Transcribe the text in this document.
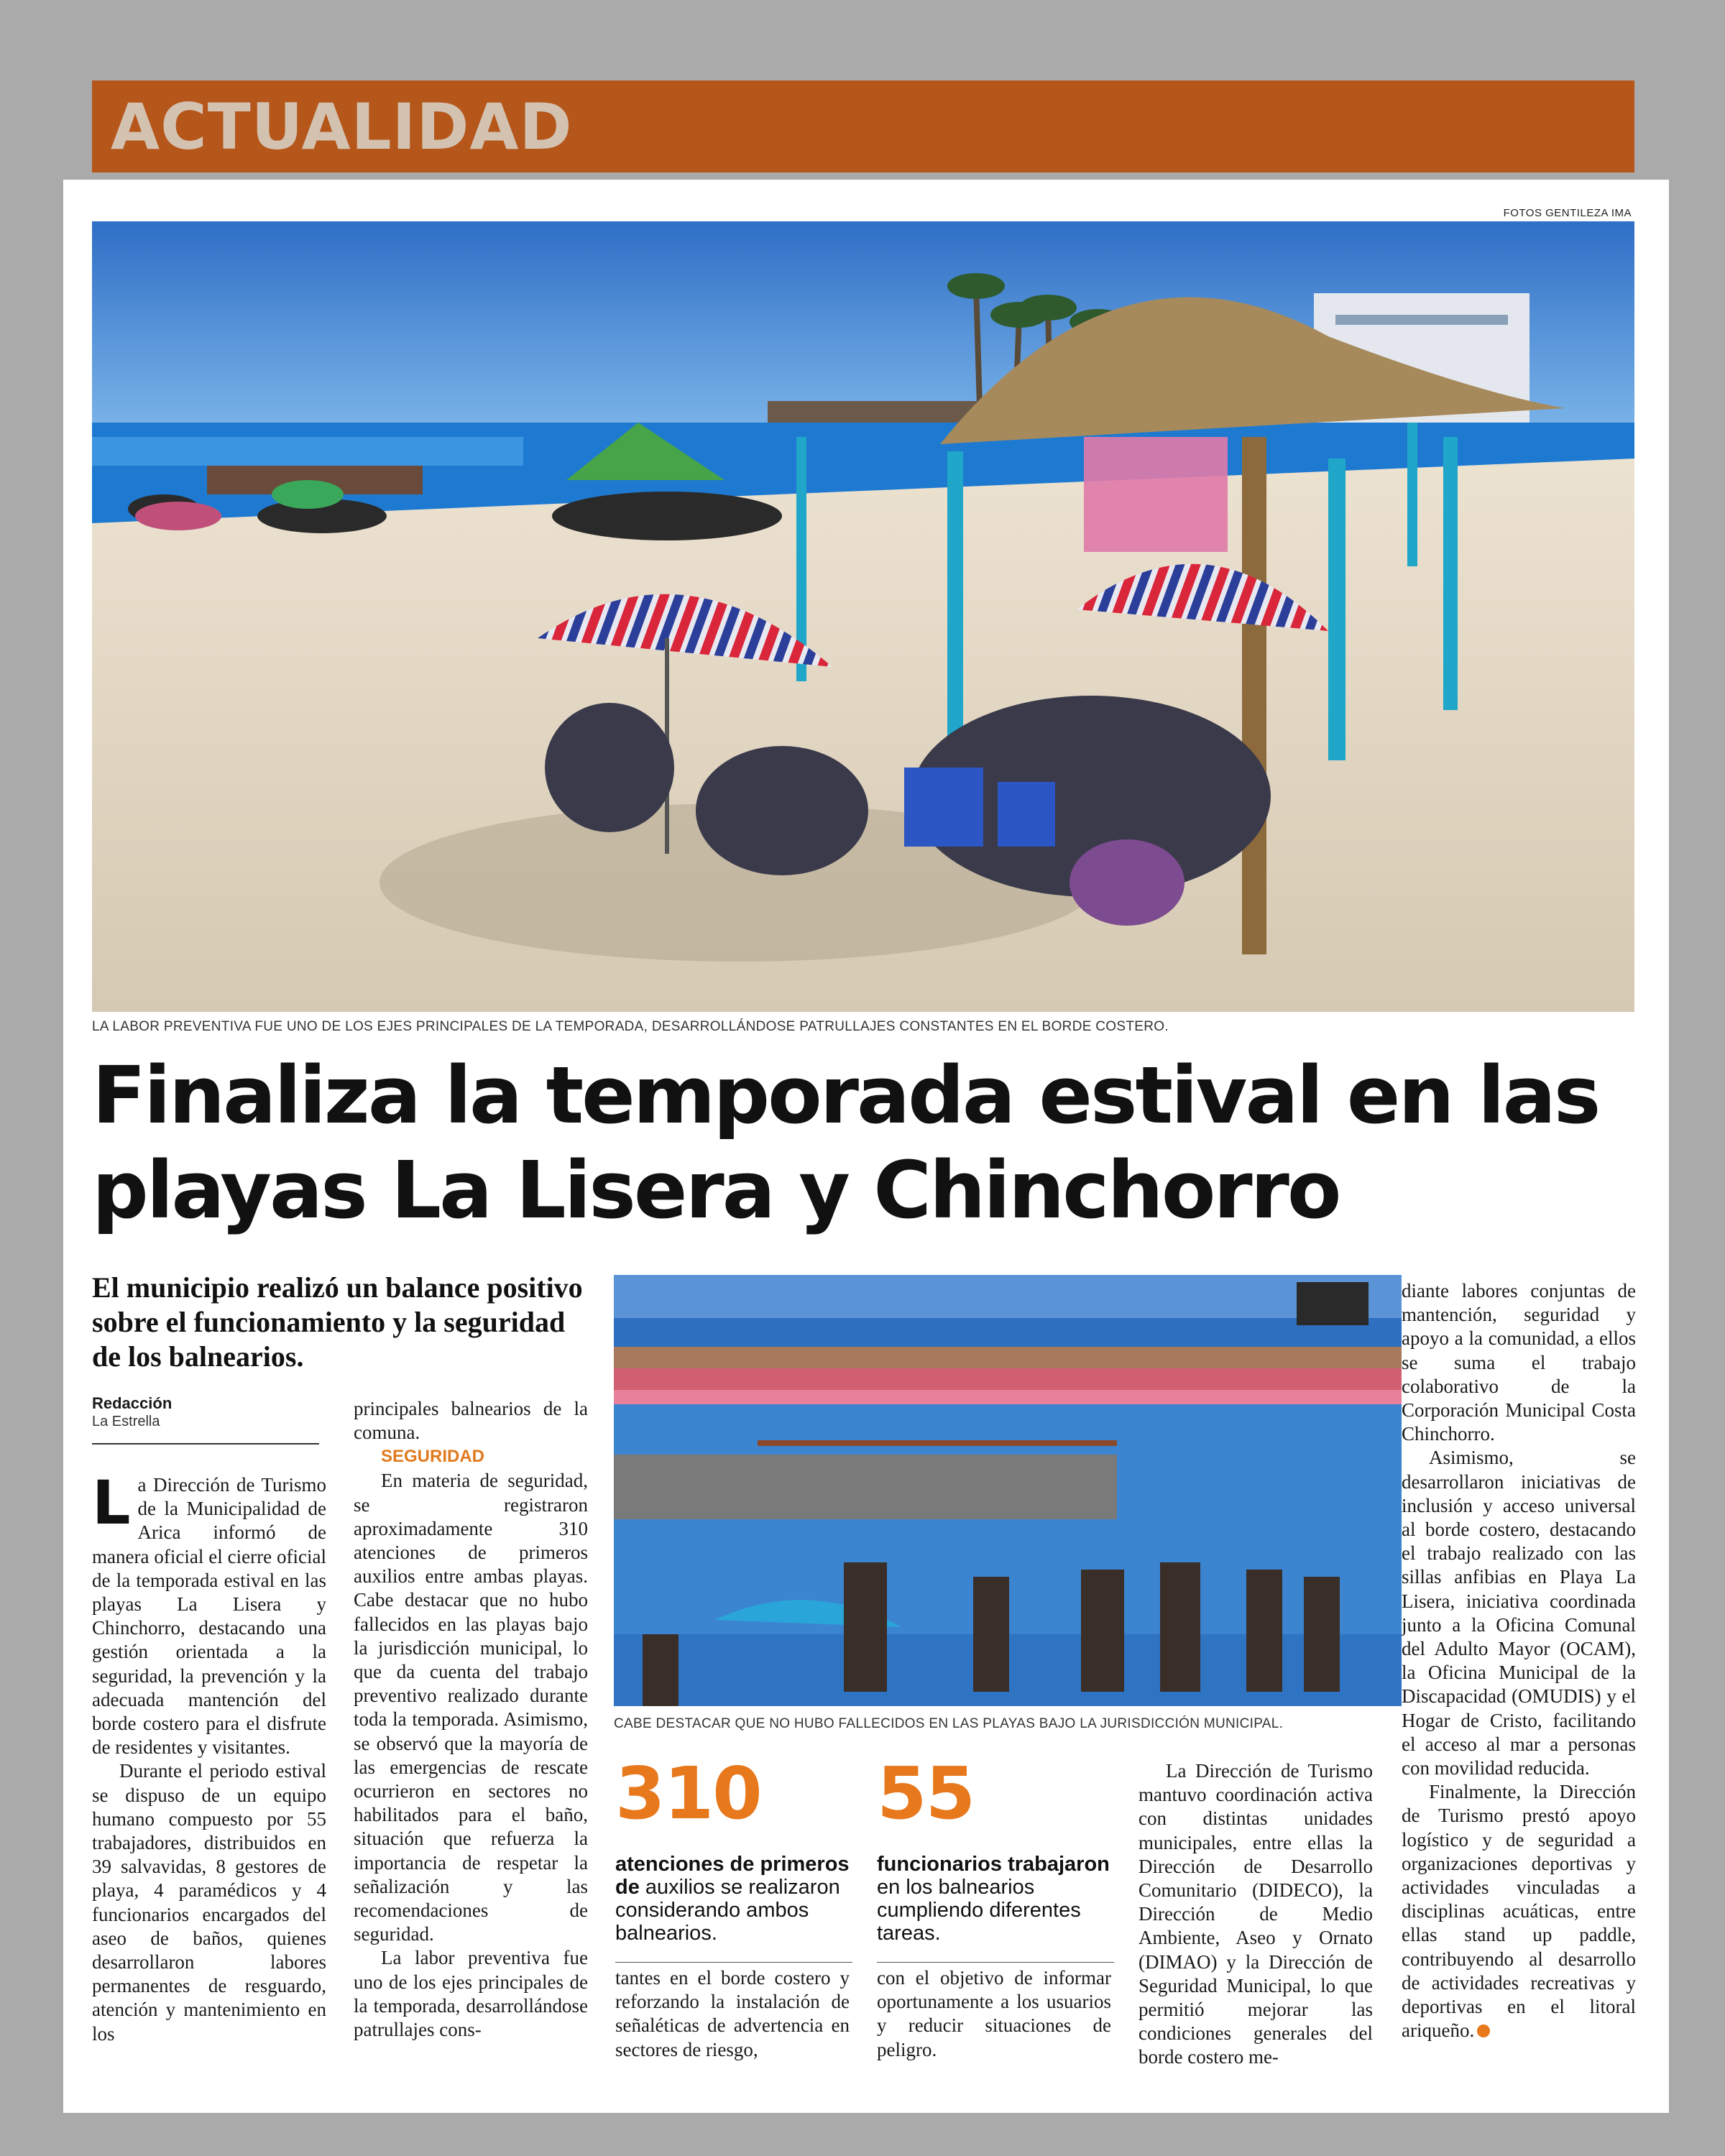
ACTUALIDAD
FOTOS GENTILEZA IMA
LA LABOR PREVENTIVA FUE UNO DE LOS EJES PRINCIPALES DE LA TEMPORADA, DESARROLLÁNDOSE PATRULLAJES CONSTANTES EN EL BORDE COSTERO.
Finaliza la temporada estival en las playas La Lisera y Chinchorro
El municipio realizó un balance positivo sobre el funcionamiento y la seguridad de los balnearios.
Redacción
La Estrella

La Dirección de Turismo de la Municipalidad de Arica informó de manera oficial el cierre oficial de la temporada estival en las playas La Lisera y Chinchorro, destacando una gestión orientada a la seguridad, la prevención y la adecuada mantención del borde costero para el disfrute de residentes y visitantes.

Durante el periodo estival se dispuso de un equipo humano compuesto por 55 trabajadores, distribuidos en 39 salvavidas, 8 gestores de playa, 4 paramédicos y 4 funcionarios encargados del aseo de baños, quienes desarrollaron labores permanentes de resguardo, atención y mantenimiento en los

principales balnearios de la comuna.

SEGURIDAD

En materia de seguridad, se registraron aproximadamente 310 atenciones de primeros auxilios entre ambas playas. Cabe destacar que no hubo fallecidos en las playas bajo la jurisdicción municipal, lo que da cuenta del trabajo preventivo realizado durante toda la temporada. Asimismo, se observó que la mayoría de las emergencias de rescate ocurrieron en sectores no habilitados para el baño, situación que refuerza la importancia de respetar la señalización y las recomendaciones de seguridad.

La labor preventiva fue uno de los ejes principales de la temporada, desarrollándose patrullajes cons-

CABE DESTACAR QUE NO HUBO FALLECIDOS EN LAS PLAYAS BAJO LA JURISDICCIÓN MUNICIPAL.
310
atenciones de primeros de auxilios se realizaron considerando ambos balnearios.
55
funcionarios trabajaron en los balnearios cumpliendo diferentes tareas.

tantes en el borde costero y reforzando la instalación de señaléticas de advertencia en sectores de riesgo,

con el objetivo de informar oportunamente a los usuarios y reducir situaciones de peligro.

La Dirección de Turismo mantuvo coordinación activa con distintas unidades municipales, entre ellas la Dirección de Desarrollo Comunitario (DIDECO), la Dirección de Medio Ambiente, Aseo y Ornato (DIMAO) y la Dirección de Seguridad Municipal, lo que permitió mejorar las condiciones generales del borde costero me-

diante labores conjuntas de mantención, seguridad y apoyo a la comunidad, a ellos se suma el trabajo colaborativo de la Corporación Municipal Costa Chinchorro.

Asimismo, se desarrollaron iniciativas de inclusión y acceso universal al borde costero, destacando el trabajo realizado con las sillas anfibias en Playa La Lisera, iniciativa coordinada junto a la Oficina Comunal del Adulto Mayor (OCAM), la Oficina Municipal de la Discapacidad (OMUDIS) y el Hogar de Cristo, facilitando el acceso al mar a personas con movilidad reducida.

Finalmente, la Dirección de Turismo prestó apoyo logístico y de seguridad a organizaciones deportivas y actividades vinculadas a disciplinas acuáticas, entre ellas stand up paddle, contribuyendo al desarrollo de actividades recreativas y deportivas en el litoral ariqueño.
